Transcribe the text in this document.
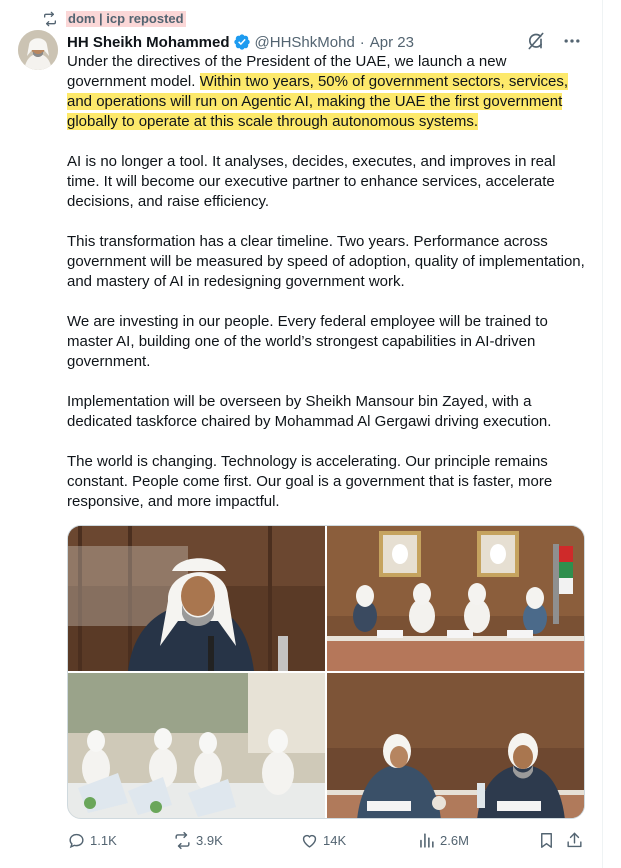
dom | icp reposted
HH Sheikh Mohammed @HHShkMohd · Apr 23

Under the directives of the President of the UAE, we launch a new government model. Within two years, 50% of government sectors, services, and operations will run on Agentic AI, making the UAE the first government globally to operate at this scale through autonomous systems.

AI is no longer a tool. It analyses, decides, executes, and improves in real time. It will become our executive partner to enhance services, accelerate decisions, and raise efficiency.

This transformation has a clear timeline. Two years. Performance across government will be measured by speed of adoption, quality of implementation, and mastery of AI in redesigning government work.

We are investing in our people. Every federal employee will be trained to master AI, building one of the world’s strongest capabilities in AI-driven government.

Implementation will be overseen by Sheikh Mansour bin Zayed, with a dedicated taskforce chaired by Mohammad Al Gergawi driving execution.

The world is changing. Technology is accelerating. Our principle remains constant. People come first. Our goal is a government that is faster, more responsive, and more impactful.

1.1K	3.9K	14K	2.6M
